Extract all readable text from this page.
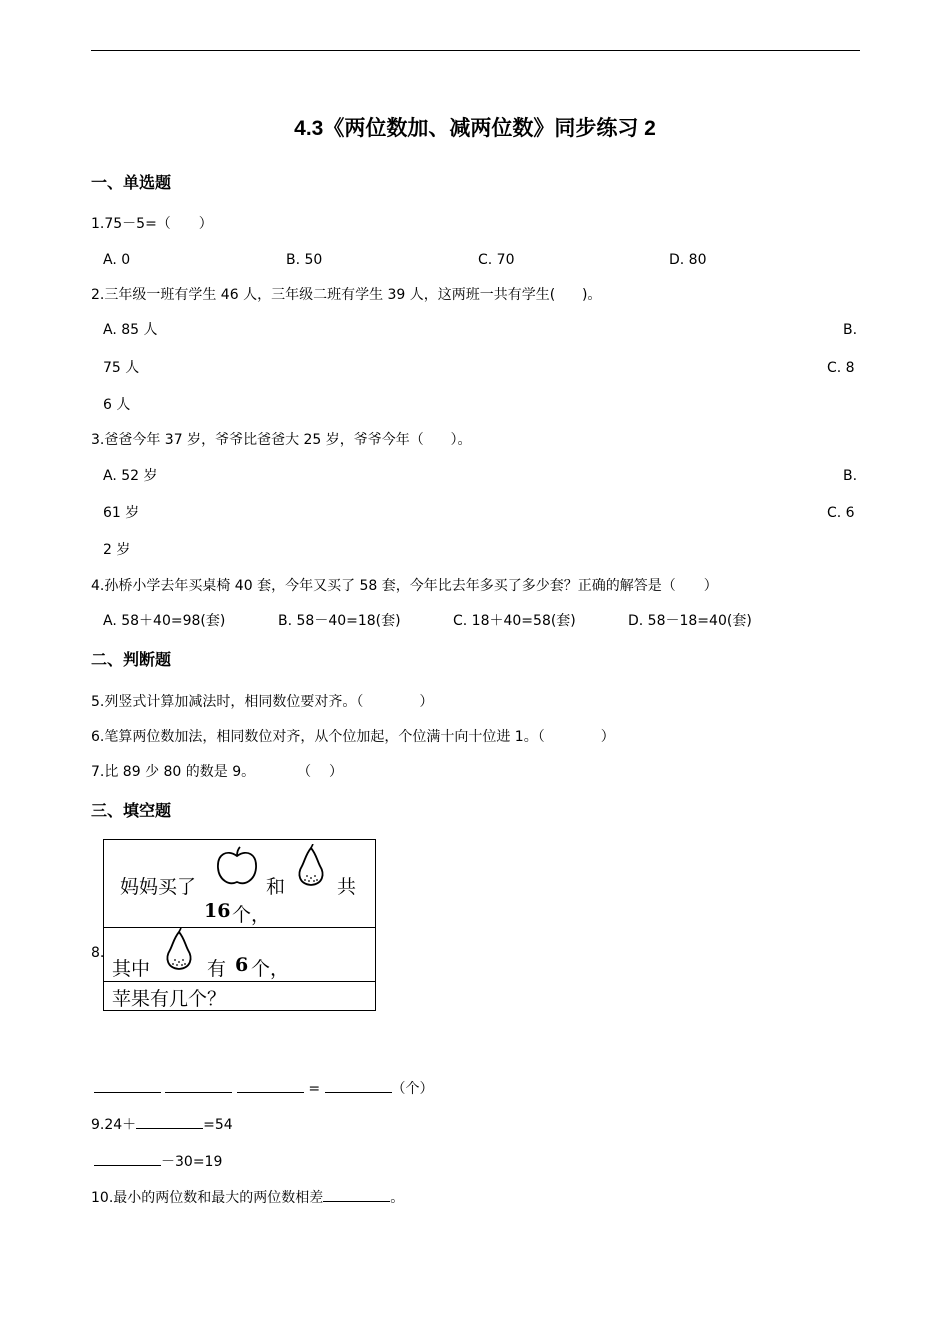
4.3《两位数加、减两位数》同步练习 2
一、单选题
1.75－5=（　　）
A. 0	B. 50	C. 70	D. 80
2.三年级一班有学生 46 人，三年级二班有学生 39 人，这两班一共有学生(      )。
A. 85 人	B.
75 人	C. 8
6 人
3.爸爸今年 37 岁，爷爷比爸爸大 25 岁，爷爷今年（      ）。
A. 52 岁	B.
61 岁	C. 6
2 岁
4.孙桥小学去年买桌椅 40 套，今年又买了 58 套，今年比去年多买了多少套？正确的解答是（　　）
A. 58＋40=98(套)	B. 58－40=18(套)	C. 18＋40=58(套)	D. 58－18=40(套)
二、判断题
5.列竖式计算加减法时，相同数位要对齐。（　　　　）
6.笔算两位数加法，相同数位对齐，从个位加起，个位满十向十位进 1。（　　　　）
7.比 89 少 80 的数是 9。　　　　（    ）
三、填空题
8.
妈妈买了	和	共
16 个，
其中	有 6 个，
苹果有几个？
=	（个）
9.24＋	=54
－30=19
10.最小的两位数和最大的两位数相差	。
